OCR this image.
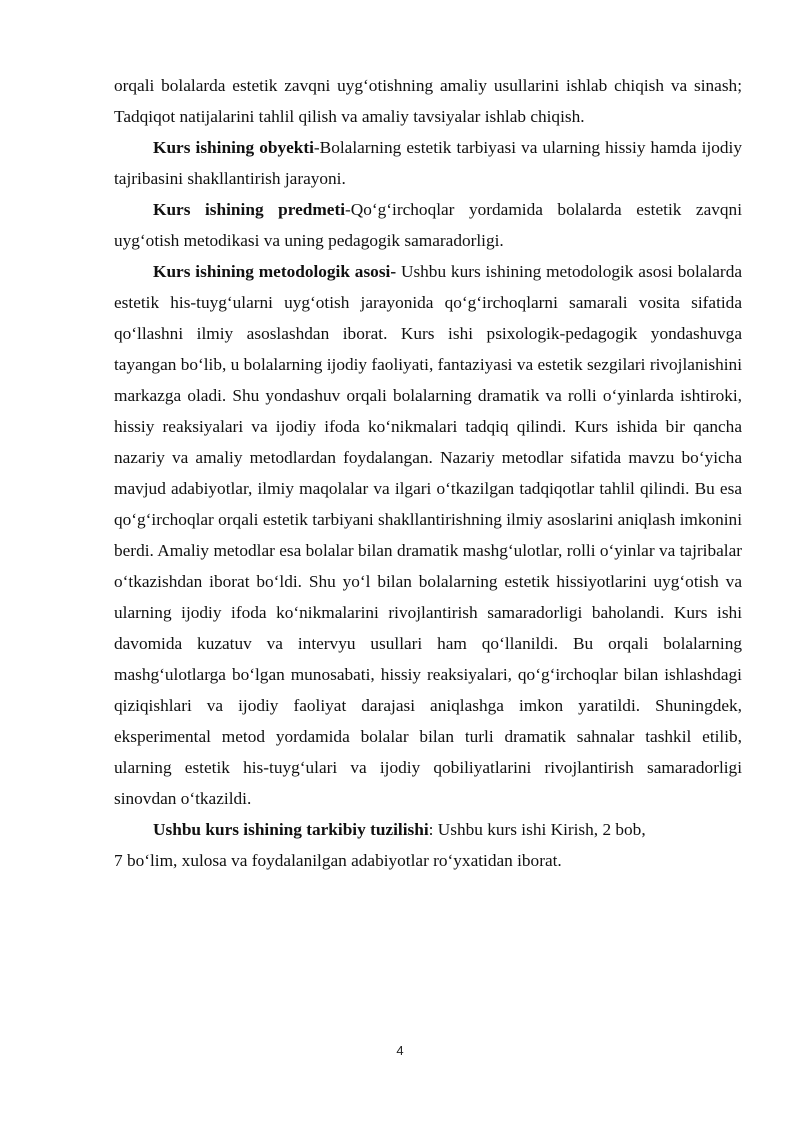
orqali bolalarda estetik zavqni uyg‘otishning amaliy usullarini ishlab chiqish va sinash; Tadqiqot natijalarini tahlil qilish va amaliy tavsiyalar ishlab chiqish.

Kurs ishining obyekti-Bolalarning estetik tarbiyasi va ularning hissiy hamda ijodiy tajribasini shakllantirish jarayoni.

Kurs ishining predmeti-Qo‘g‘irchoqlar yordamida bolalarda estetik zavqni uyg‘otish metodikasi va uning pedagogik samaradorligi.

Kurs ishining metodologik asosi- Ushbu kurs ishining metodologik asosi bolalarda estetik his-tuyg‘ularni uyg‘otish jarayonida qo‘g‘irchoqlarni samarali vosita sifatida qo‘llashni ilmiy asoslashdan iborat. Kurs ishi psixologik-pedagogik yondashuvga tayangan bo‘lib, u bolalarning ijodiy faoliyati, fantaziyasi va estetik sezgilari rivojlanishini markazga oladi. Shu yondashuv orqali bolalarning dramatik va rolli o‘yinlarda ishtiroki, hissiy reaksiyalari va ijodiy ifoda ko‘nikmalari tadqiq qilindi. Kurs ishida bir qancha nazariy va amaliy metodlardan foydalangan. Nazariy metodlar sifatida mavzu bo‘yicha mavjud adabiyotlar, ilmiy maqolalar va ilgari o‘tkazilgan tadqiqotlar tahlil qilindi. Bu esa qo‘g‘irchoqlar orqali estetik tarbiyani shakllantirishning ilmiy asoslarini aniqlash imkonini berdi. Amaliy metodlar esa bolalar bilan dramatik mashg‘ulotlar, rolli o‘yinlar va tajribalar o‘tkazishdan iborat bo‘ldi. Shu yo‘l bilan bolalarning estetik hissiyotlarini uyg‘otish va ularning ijodiy ifoda ko‘nikmalarini rivojlantirish samaradorligi baholandi. Kurs ishi davomida kuzatuv va intervyu usullari ham qo‘llanildi. Bu orqali bolalarning mashg‘ulotlarga bo‘lgan munosabati, hissiy reaksiyalari, qo‘g‘irchoqlar bilan ishlashdagi qiziqishlari va ijodiy faoliyat darajasi aniqlashga imkon yaratildi. Shuningdek, eksperimental metod yordamida bolalar bilan turli dramatik sahnalar tashkil etilib, ularning estetik his-tuyg‘ulari va ijodiy qobiliyatlarini rivojlantirish samaradorligi sinovdan o‘tkazildi.

Ushbu kurs ishining tarkibiy tuzilishi: Ushbu kurs ishi Kirish, 2 bob,

7 bo‘lim, xulosa va foydalanilgan adabiyotlar ro‘yxatidan iborat.

4
